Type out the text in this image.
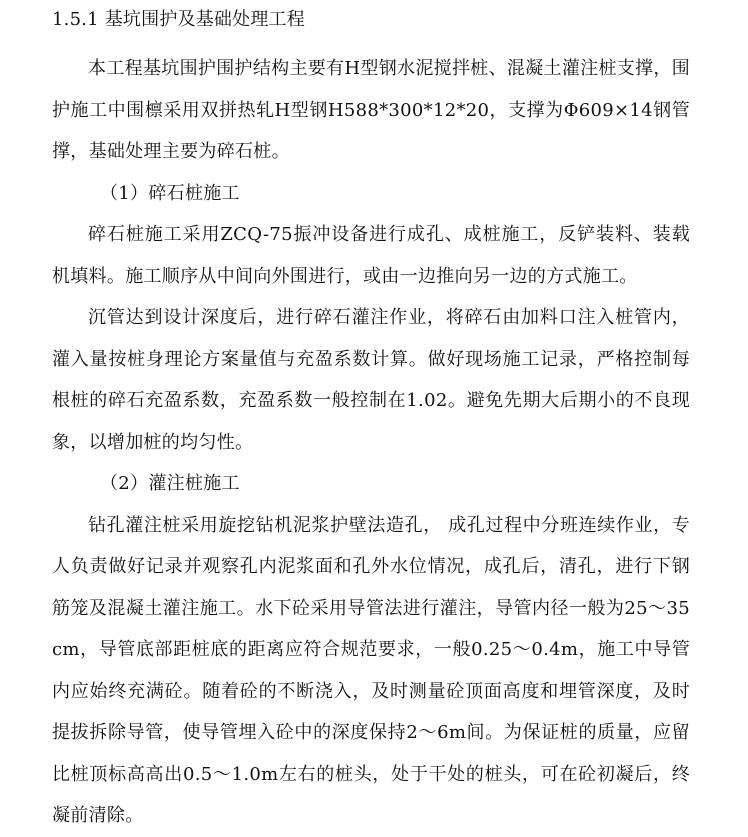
1.5.1 基坑围护及基础处理工程

本工程基坑围护围护结构主要有H型钢水泥搅拌桩、混凝土灌注桩支撑，围护施工中围檩采用双拼热轧H型钢H588*300*12*20，支撑为Φ609×14钢管撑，基础处理主要为碎石桩。

（1）碎石桩施工

碎石桩施工采用ZCQ-75振冲设备进行成孔、成桩施工，反铲装料、装载机填料。施工顺序从中间向外围进行，或由一边推向另一边的方式施工。

沉管达到设计深度后，进行碎石灌注作业，将碎石由加料口注入桩管内，灌入量按桩身理论方案量值与充盈系数计算。做好现场施工记录，严格控制每根桩的碎石充盈系数，充盈系数一般控制在1.02。避免先期大后期小的不良现象，以增加桩的均匀性。

（2）灌注桩施工

钻孔灌注桩采用旋挖钻机泥浆护壁法造孔， 成孔过程中分班连续作业，专人负责做好记录并观察孔内泥浆面和孔外水位情况，成孔后，清孔，进行下钢筋笼及混凝土灌注施工。水下砼采用导管法进行灌注，导管内径一般为25～35cm，导管底部距桩底的距离应符合规范要求，一般0.25～0.4m，施工中导管内应始终充满砼。随着砼的不断浇入，及时测量砼顶面高度和埋管深度，及时提拔拆除导管，使导管埋入砼中的深度保持2～6m间。为保证桩的质量，应留比桩顶标高高出0.5～1.0m左右的桩头，处于干处的桩头，可在砼初凝后，终凝前清除。
